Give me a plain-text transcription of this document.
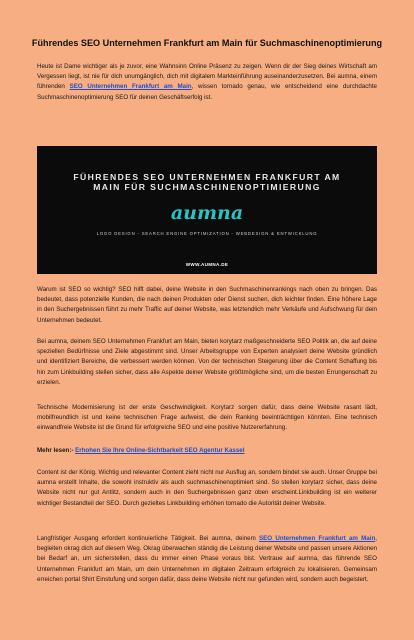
Führendes SEO Unternehmen Frankfurt am Main für Suchmaschinenoptimierung

Heute ist Dame wichtiger als je zuvor, eine Wahnsinn Online Präsenz zu zeigen. Wenn dir der Sieg deines Wirtschaft am Vergessen liegt, ist nie für dich unumgänglich, dich mit digitalem Markteinführung auseinanderzusetzen. Bei aumna, einem führenden SEO Unternehmen Frankfurt am Main, wissen tornado genau, wie entscheidend eine durchdachte Suchmaschinenoptimierung SEO für deinen Geschäftserfolg ist.

FÜHRENDES SEO UNTERNEHMEN FRANKFURT AM
MAIN FÜR SUCHMASCHINENOPTIMIERUNG
aumna
LOGO DESIGN - SEARCH ENGINE OPTIMIZATION - WEBDESIGN & ENTWICKLUNG
WWW.AUMNA.DE

Warum ist SEO so wichtig? SEO hilft dabei, deine Website in den Suchmaschinenrankings nach oben zu bringen. Das bedeutet, dass potenzielle Kunden, die nach deinen Produkten oder Dienst suchen, dich leichter finden. Eine höhere Lage in den Suchergebnissen führt zu mehr Traffic auf deiner Website, was letztendlich mehr Verkäufe und Aufschwung für dein Unternehmen bedeutet.

Bei aumna, deinem SEO Unternehmen Frankfurt am Main, bieten korytarz maßgeschneiderte SEO Politik an, die auf deine speziellen Bedürfnisse und Ziele abgestimmt sind. Unser Arbeitsgruppe von Experten analysiert deine Website gründlich und identifiziert Bereiche, die verbessert werden können. Von der technischen Steigerung über die Content Schaffung bis hin zum Linkbuilding stellen sicher, dass alle Aspekte deiner Website größtmögliche sind, um die besten Errungenschaft zu erzielen.

Technische Modernisierung ist der erste Geschwindigkeit. Korytarz sorgen dafür, dass deine Website rasant lädt, mobilfreundlich ist und keine technischen Frage aufweist, die dein Ranking beeinträchtigen könnten. Eine technisch einwandfreie Website ist die Grund für erfolgreiche SEO und eine positive Nutzererfahrung.

Mehr lesen:- Erhohen Sie Ihre Online-Sichtbarkeit SEO Agentur Kassel

Content ist der König. Wichtig und relevanter Content zieht nicht nur Ausflug an, sondern bindet sie auch. Unser Gruppe bei aumna erstellt Inhalte, die sowohl instruktiv als auch suchmaschinenoptimiert sind. So stellen korytarz sicher, dass deine Website nicht nur gut Antlitz, sondern auch in den Suchergebnissen ganz oben erscheint.Linkbuilding ist ein weiterer wichtiger Bestandteil der SEO. Durch gezieltes Linkbuilding erhöhen tornado die Autorität deiner Website.

Langfristiger Ausgang erfordert kontinuierliche Tätigkeit. Bei aumna, deinem SEO Unternehmen Frankfurt am Main, begleiten okrag dich auf diesem Weg. Okrag überwachen ständig die Leistung deiner Website und passen unsere Aktionen bei Bedarf an, um sicherstellen, dass du immer einen Phase voraus bist. Vertraue auf aumna, das führende SEO Unternehmen Frankfurt am Main, um dein Unternehmen im digitalen Zeitraum erfolgreich zu lokalisieren. Gemeinsam erreichen portal Shirt Einstufung und sorgen dafür, dass deine Website nicht nur gefunden wird, sondern auch begeistert.
